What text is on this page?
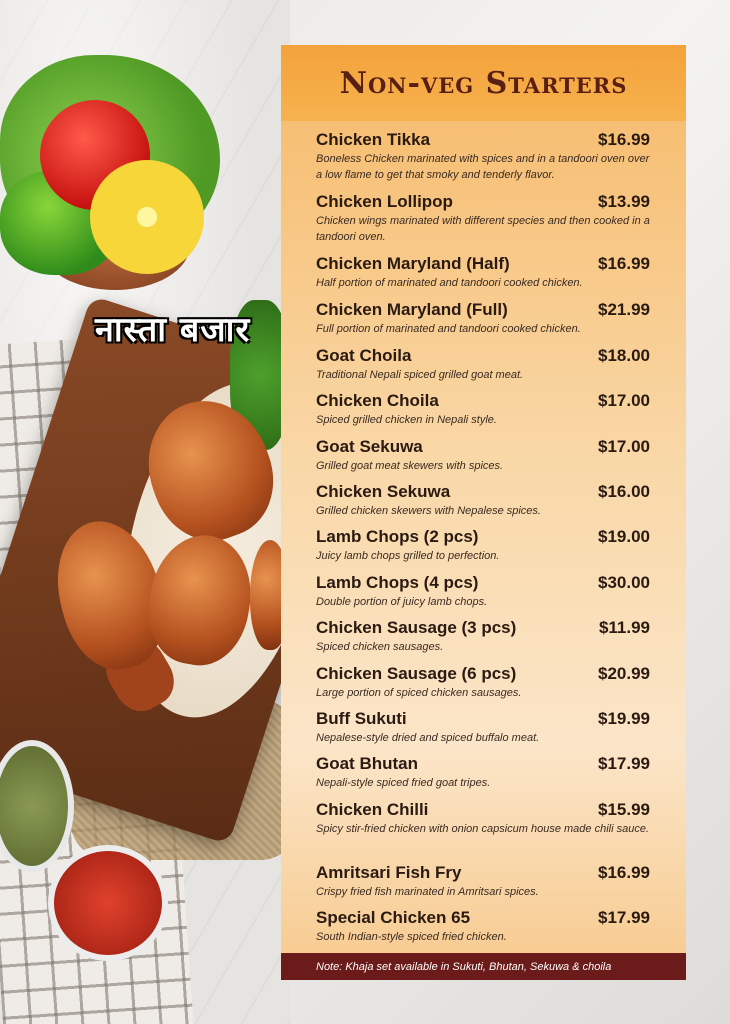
नास्ता बजार
Non-veg Starters
Chicken Tikka	$16.99
Boneless Chicken marinated with spices and in a tandoori oven over a low flame to get that smoky and tenderly flavor.
Chicken Lollipop	$13.99
Chicken wings marinated with different species and then cooked in a tandoori oven.
Chicken Maryland (Half)	$16.99
Half portion of marinated and tandoori cooked chicken.
Chicken Maryland (Full)	$21.99
Full portion of marinated and tandoori cooked chicken.
Goat Choila	$18.00
Traditional Nepali spiced grilled goat meat.
Chicken Choila	$17.00
Spiced grilled chicken in Nepali style.
Goat Sekuwa	$17.00
Grilled goat meat skewers with spices.
Chicken Sekuwa	$16.00
Grilled chicken skewers with Nepalese spices.
Lamb Chops (2 pcs)	$19.00
Juicy lamb chops grilled to perfection.
Lamb Chops (4 pcs)	$30.00
Double portion of juicy lamb chops.
Chicken Sausage (3 pcs)	$11.99
Spiced chicken sausages.
Chicken Sausage (6 pcs)	$20.99
Large portion of spiced chicken sausages.
Buff Sukuti	$19.99
Nepalese-style dried and spiced buffalo meat.
Goat Bhutan	$17.99
Nepali-style spiced fried goat tripes.
Chicken Chilli	$15.99
Spicy stir-fried chicken with onion capsicum house made chili sauce.
Amritsari Fish Fry	$16.99
Crispy fried fish marinated in Amritsari spices.
Special Chicken 65	$17.99
South Indian-style spiced fried chicken.
Note: Khaja set available in Sukuti, Bhutan, Sekuwa & choila
